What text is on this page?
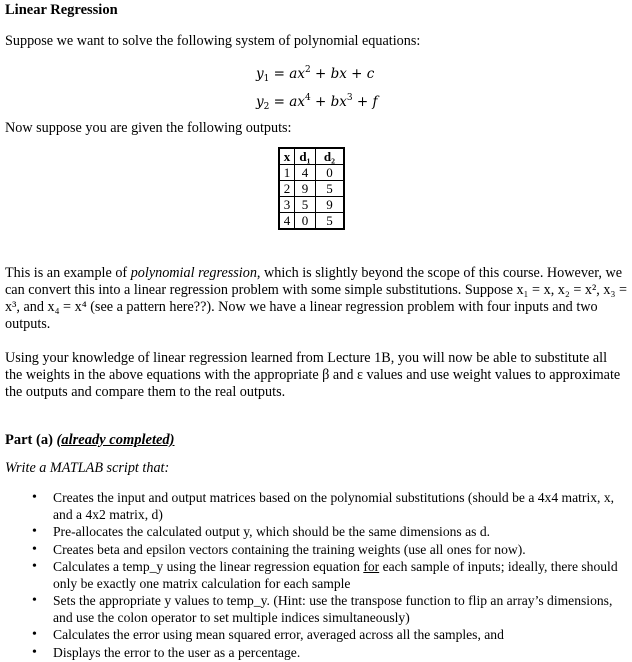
Linear Regression
Suppose we want to solve the following system of polynomial equations:
$y_1 = ax^2$ + bx + c
$y_2 = ax^4 + bx^3 + f$
Now suppose you are given the following outputs:
x	d₁	d₂
1	4	0
2	9	5
3	5	9
4	0	5
This is an example of polynomial regression, which is slightly beyond the scope of this course. However, we can convert this into a linear regression problem with some simple substitutions. Suppose x₁ = x, x₂ = x², x₃ = x³, and x₄ = x⁴ (see a pattern here??). Now we have a linear regression problem with four inputs and two outputs.
Using your knowledge of linear regression learned from Lecture 1B, you will now be able to substitute all the weights in the above equations with the appropriate β and ε values and use weight values to approximate the outputs and compare them to the real outputs.
Part (a) (already completed)
Write a MATLAB script that:
• Creates the input and output matrices based on the polynomial substitutions (should be a 4x4 matrix, x, and a 4x2 matrix, d)
• Pre-allocates the calculated output y, which should be the same dimensions as d.
• Creates beta and epsilon vectors containing the training weights (use all ones for now).
• Calculates a temp_y using the linear regression equation for each sample of inputs; ideally, there should only be exactly one matrix calculation for each sample
• Sets the appropriate y values to temp_y. (Hint: use the transpose function to flip an array’s dimensions, and use the colon operator to set multiple indices simultaneously)
• Calculates the error using mean squared error, averaged across all the samples, and
• Displays the error to the user as a percentage.
